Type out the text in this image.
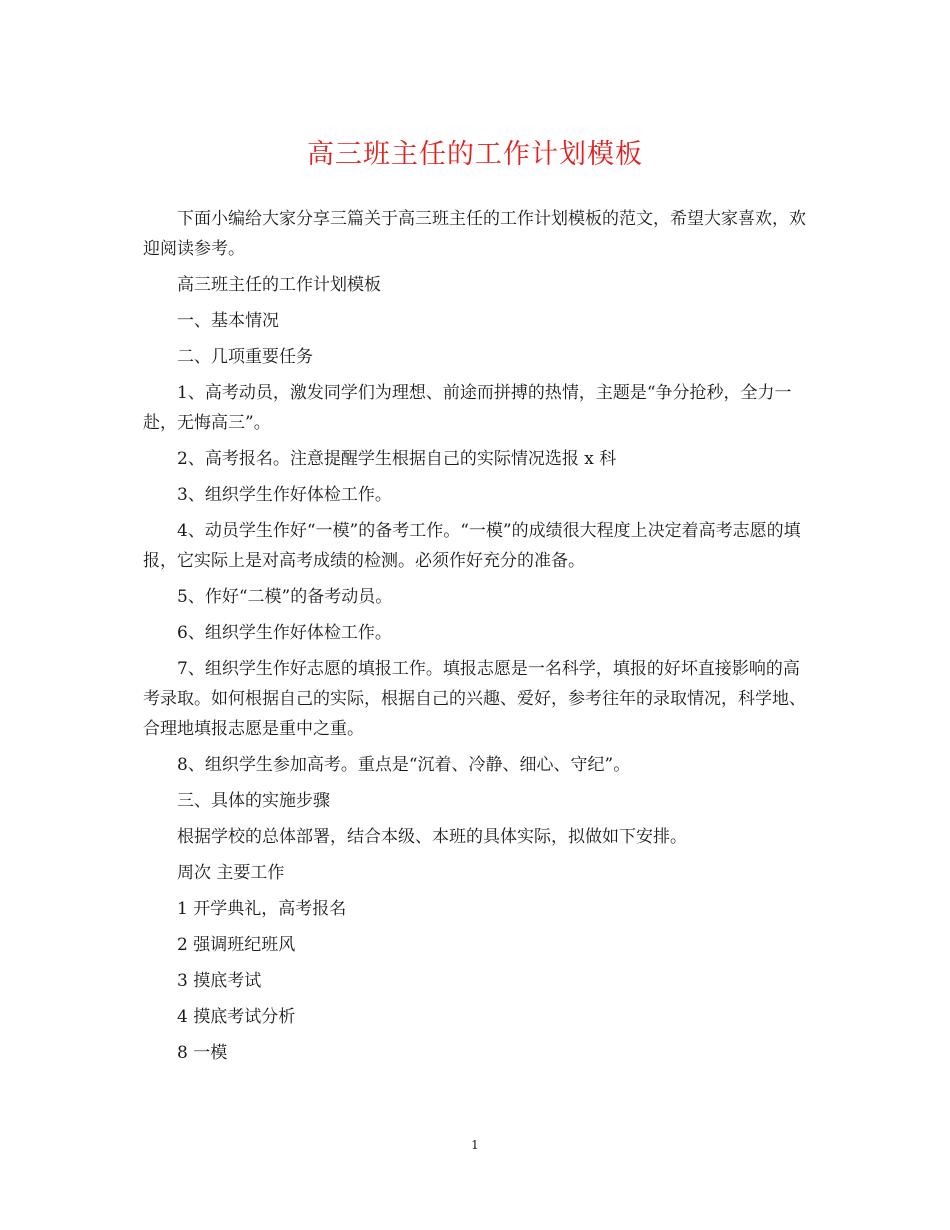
高三班主任的工作计划模板

下面小编给大家分享三篇关于高三班主任的工作计划模板的范文，希望大家喜欢，欢迎阅读参考。

高三班主任的工作计划模板

一、基本情况

二、几项重要任务

1、高考动员，激发同学们为理想、前途而拼搏的热情，主题是“争分抢秒，全力一赴，无悔高三”。

2、高考报名。注意提醒学生根据自己的实际情况选报 x 科

3、组织学生作好体检工作。

4、动员学生作好“一模”的备考工作。“一模”的成绩很大程度上决定着高考志愿的填报，它实际上是对高考成绩的检测。必须作好充分的准备。

5、作好“二模”的备考动员。

6、组织学生作好体检工作。

7、组织学生作好志愿的填报工作。填报志愿是一名科学，填报的好坏直接影响的高考录取。如何根据自己的实际，根据自己的兴趣、爱好，参考往年的录取情况，科学地、合理地填报志愿是重中之重。

8、组织学生参加高考。重点是“沉着、冷静、细心、守纪”。

三、具体的实施步骤

根据学校的总体部署，结合本级、本班的具体实际，拟做如下安排。

周次 主要工作

1 开学典礼，高考报名

2 强调班纪班风

3 摸底考试

4 摸底考试分析

8 一模

1
